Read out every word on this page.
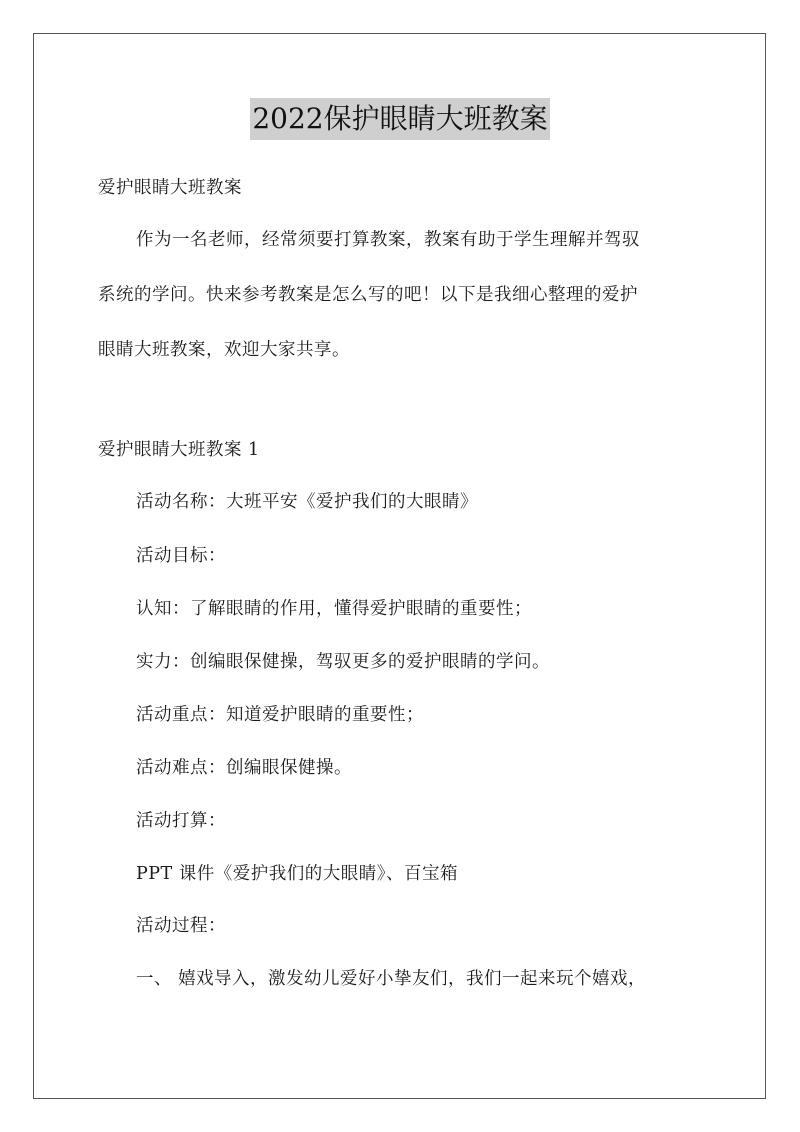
2022保护眼睛大班教案
爱护眼睛大班教案
作为一名老师，经常须要打算教案，教案有助于学生理解并驾驭
系统的学问。快来参考教案是怎么写的吧！以下是我细心整理的爱护
眼睛大班教案，欢迎大家共享。
爱护眼睛大班教案 1
活动名称：大班平安《爱护我们的大眼睛》
活动目标：
认知：了解眼睛的作用，懂得爱护眼睛的重要性；
实力：创编眼保健操，驾驭更多的爱护眼睛的学问。
活动重点：知道爱护眼睛的重要性；
活动难点：创编眼保健操。
活动打算：
PPT 课件《爱护我们的大眼睛》、百宝箱
活动过程：
一、 嬉戏导入，激发幼儿爱好小挚友们，我们一起来玩个嬉戏，
